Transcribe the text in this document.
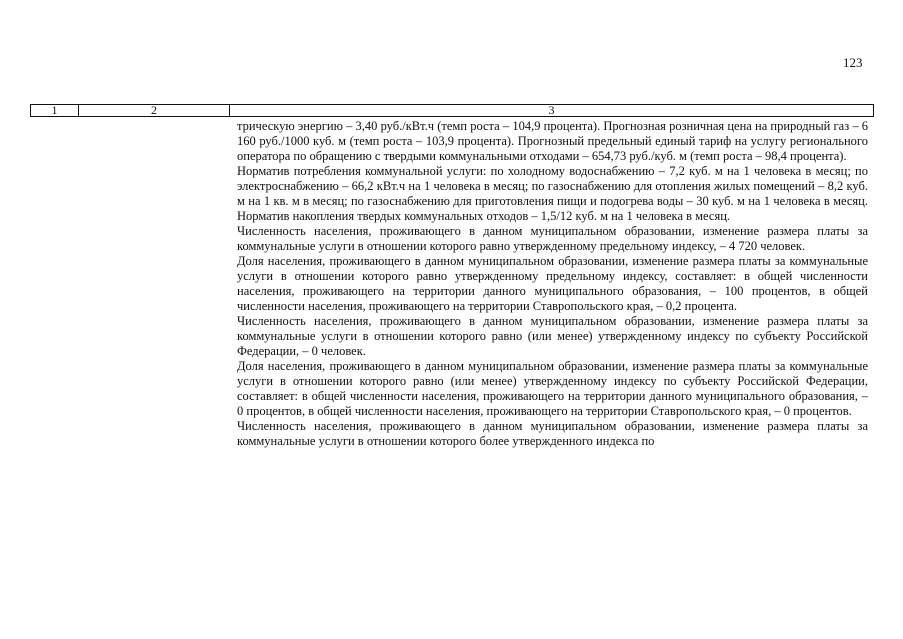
123
1	2	3

трическую энергию – 3,40 руб./кВт.ч (темп роста – 104,9 процента). Прогнозная розничная цена на природный газ – 6 160 руб./1000 куб. м (темп роста – 103,9 процента). Прогнозный предельный единый тариф на услугу регионального оператора по обращению с твердыми коммунальными отходами – 654,73 руб./куб. м (темп роста – 98,4 процента).

Норматив потребления коммунальной услуги: по холодному водоснабжению – 7,2 куб. м на 1 человека в месяц; по электроснабжению – 66,2 кВт.ч на 1 человека в месяц; по газоснабжению для отопления жилых помещений – 8,2 куб. м на 1 кв. м в месяц; по газоснабжению для приготовления пищи и подогрева воды – 30 куб. м на 1 человека в месяц. Норматив накопления твердых коммунальных отходов – 1,5/12 куб. м на 1 человека в месяц.

Численность населения, проживающего в данном муниципальном образовании, изменение размера платы за коммунальные услуги в отношении которого равно утвержденному предельному индексу, – 4 720 человек.

Доля населения, проживающего в данном муниципальном образовании, изменение размера платы за коммунальные услуги в отношении которого равно утвержденному предельному индексу, составляет: в общей численности населения, проживающего на территории данного муниципального образования, – 100 процентов, в общей численности населения, проживающего на территории Ставропольского края, – 0,2 процента.

Численность населения, проживающего в данном муниципальном образовании, изменение размера платы за коммунальные услуги в отношении которого равно (или менее) утвержденному индексу по субъекту Российской Федерации, – 0 человек.

Доля населения, проживающего в данном муниципальном образовании, изменение размера платы за коммунальные услуги в отношении которого равно (или менее) утвержденному индексу по субъекту Российской Федерации, составляет: в общей численности населения, проживающего на территории данного муниципального образования, – 0 процентов, в общей численности населения, проживающего на территории Ставропольского края, – 0 процентов.

Численность населения, проживающего в данном муниципальном образовании, изменение размера платы за коммунальные услуги в отношении которого более утвержденного индекса по
